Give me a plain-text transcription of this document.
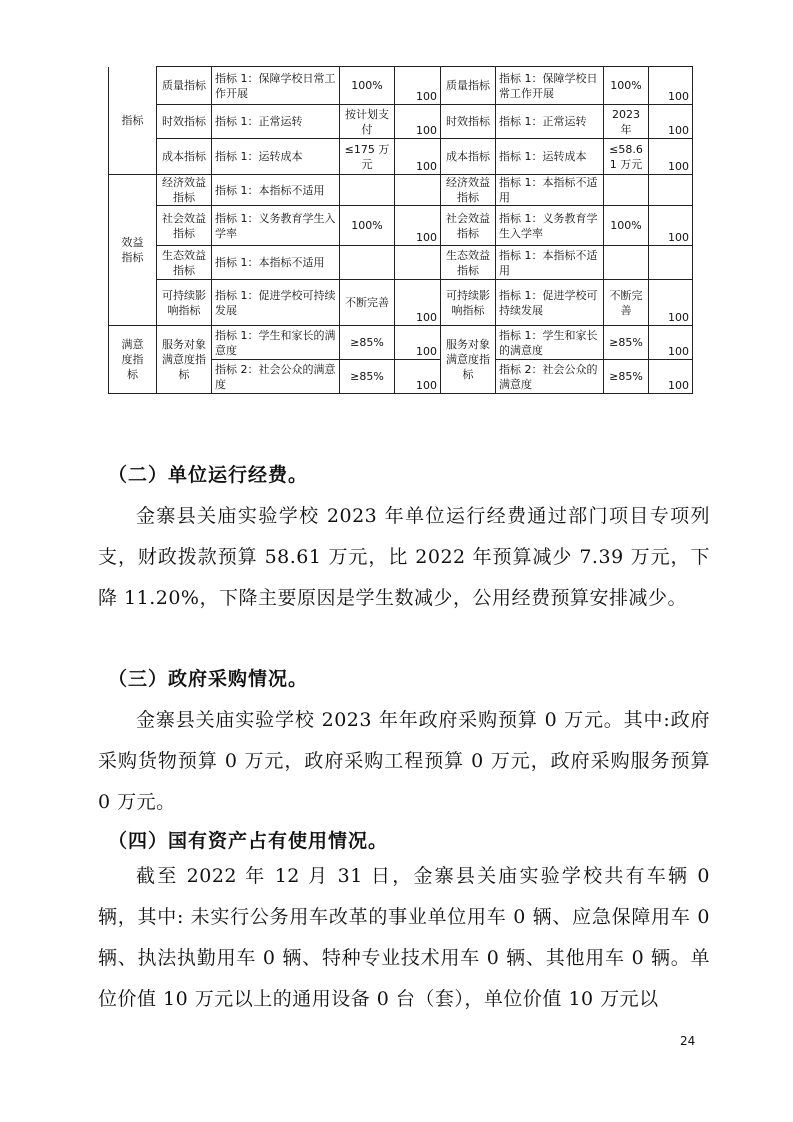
指标	质量指标	指标 1：保障学校日常工作开展	100%	100	质量指标	指标 1：保障学校日常工作开展	100%	100
	时效指标	指标 1：正常运转	按计划支付	100	时效指标	指标 1：正常运转	2023年	100
	成本指标	指标 1：运转成本	≤175 万元	100	成本指标	指标 1：运转成本	≤58.61 万元	100
效益指标	经济效益指标	指标 1：本指标不适用			经济效益指标	指标 1：本指标不适用		
	社会效益指标	指标 1：义务教育学生入学率	100%	100	社会效益指标	指标 1：义务教育学生入学率	100%	100
	生态效益指标	指标 1：本指标不适用			生态效益指标	指标 1：本指标不适用		
	可持续影响指标	指标 1：促进学校可持续发展	不断完善	100	可持续影响指标	指标 1：促进学校可持续发展	不断完善	100
满意度指标	服务对象满意度指标	指标 1：学生和家长的满意度	≥85%	100	服务对象满意度指标	指标 1：学生和家长的满意度	≥85%	100
		指标 2：社会公众的满意度	≥85%	100		指标 2：社会公众的满意度	≥85%	100
（二）单位运行经费。

金寨县关庙实验学校 2023 年单位运行经费通过部门项目专项列支，财政拨款预算 58.61 万元，比 2022 年预算减少 7.39 万元，下降 11.20%，下降主要原因是学生数减少，公用经费预算安排减少。

（三）政府采购情况。

金寨县关庙实验学校 2023 年年政府采购预算 0 万元。其中:政府采购货物预算 0 万元，政府采购工程预算 0 万元，政府采购服务预算 0 万元。

（四）国有资产占有使用情况。

截至 2022 年 12 月 31 日，金寨县关庙实验学校共有车辆 0 辆，其中: 未实行公务用车改革的事业单位用车 0 辆、应急保障用车 0 辆、执法执勤用车 0 辆、特种专业技术用车 0 辆、其他用车 0 辆。单位价值 10 万元以上的通用设备 0 台（套），单位价值 10 万元以

24
